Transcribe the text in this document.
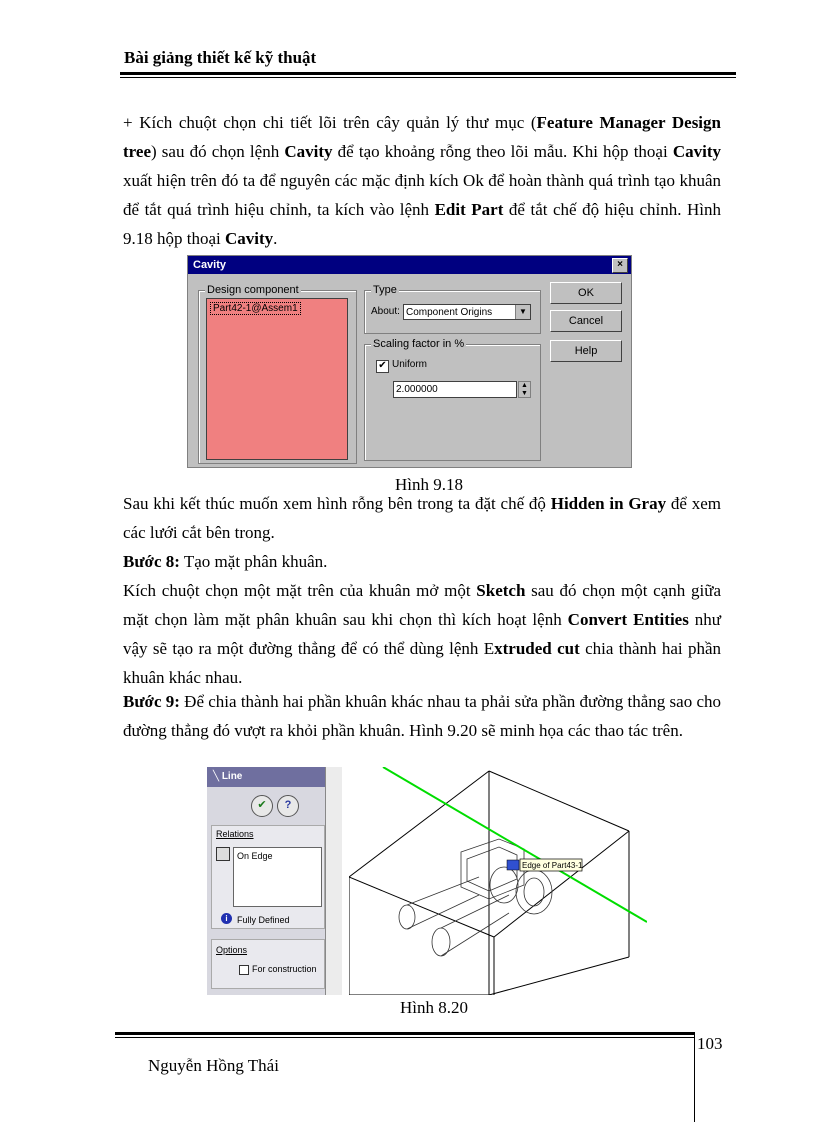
Bài giảng thiết kế kỹ thuật
+ Kích chuột chọn chi tiết lõi trên cây quản lý thư mục (Feature Manager Design tree) sau đó chọn lệnh Cavity để tạo khoảng rỗng theo lõi mẫu. Khi hộp thoại Cavity xuất hiện trên đó ta để nguyên các mặc định kích Ok để hoàn thành quá trình tạo khuân để tắt quá trình hiệu chỉnh, ta kích vào lệnh Edit Part để tắt chế độ hiệu chỉnh. Hình 9.18 hộp thoại Cavity.
Cavity	×
Design component
Part42-1@Assem1
Type
About: Component Origins	▼
Scaling factor in %
✔ Uniform
2.000000	▲
▼
OK
Cancel
Help
Hình 9.18
Sau khi kết thúc muốn xem hình rỗng bên trong ta đặt chế độ Hidden in Gray để xem các lưới cắt bên trong.
Bước 8: Tạo mặt phân khuân.
Kích chuột chọn một mặt trên của khuân mở một Sketch sau đó chọn một cạnh giữa mặt chọn làm mặt phân khuân sau khi chọn thì kích hoạt lệnh Convert Entities như vậy sẽ tạo ra một đường thẳng để có thể dùng lệnh Extruded cut chia thành hai phần khuân khác nhau.
Bước 9: Để chia thành hai phần khuân khác nhau ta phải sửa phần đường thẳng sao cho đường thẳng đó vượt ra khỏi phần khuân. Hình 9.20 sẽ minh họa các thao tác trên.
╲ Line
✔	?
Relations
On Edge
i	Fully Defined
Options
For construction
Edge of Part43-1
Hình 8.20
103
Nguyễn Hồng Thái
